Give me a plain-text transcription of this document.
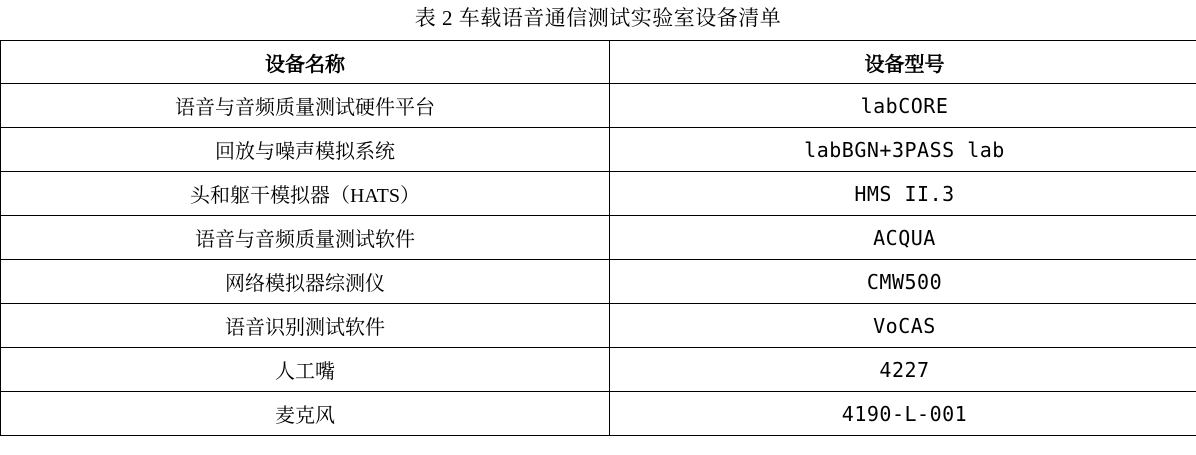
表 2 车载语音通信测试实验室设备清单
设备名称	设备型号
语音与音频质量测试硬件平台	labCORE
回放与噪声模拟系统	labBGN+3PASS lab
头和躯干模拟器（HATS）	HMS II.3
语音与音频质量测试软件	ACQUA
网络模拟器综测仪	CMW500
语音识别测试软件	VoCAS
人工嘴	4227
麦克风	4190-L-001
